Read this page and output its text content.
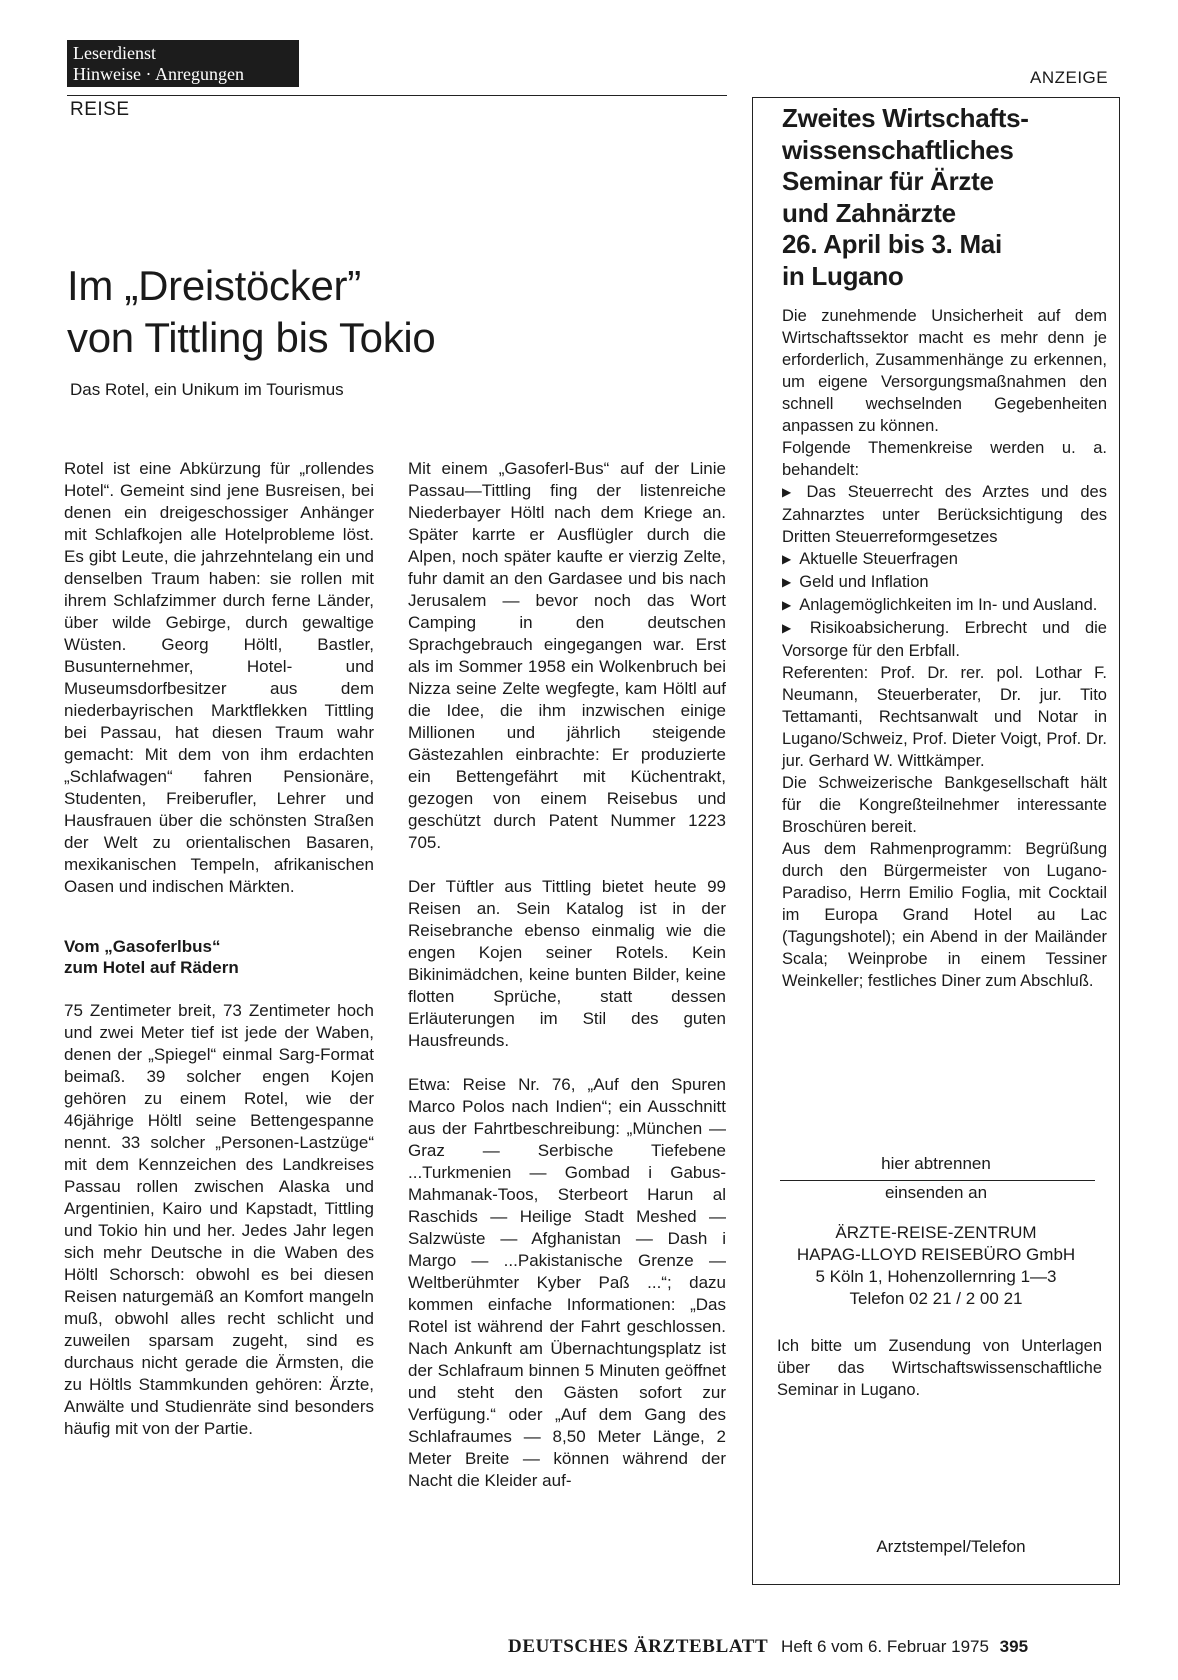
Leserdienst
Hinweise · Anregungen
REISE
ANZEIGE
Im „Dreistöcker”
von Tittling bis Tokio
Das Rotel, ein Unikum im Tourismus

Rotel ist eine Abkürzung für „rollendes Hotel“. Gemeint sind jene Busreisen, bei denen ein dreigeschossiger Anhänger mit Schlafkojen alle Hotelprobleme löst. Es gibt Leute, die jahrzehntelang ein und denselben Traum haben: sie rollen mit ihrem Schlafzimmer durch ferne Länder, über wilde Gebirge, durch gewaltige Wüsten. Georg Höltl, Bastler, Busunternehmer, Hotel- und Museumsdorfbesitzer aus dem niederbayrischen Marktflekken Tittling bei Passau, hat diesen Traum wahr gemacht: Mit dem von ihm erdachten „Schlafwagen“ fahren Pensionäre, Studenten, Freiberufler, Lehrer und Hausfrauen über die schönsten Straßen der Welt zu orientalischen Basaren, mexikanischen Tempeln, afrikanischen Oasen und indischen Märkten.

Vom „Gasoferlbus“
zum Hotel auf Rädern

75 Zentimeter breit, 73 Zentimeter hoch und zwei Meter tief ist jede der Waben, denen der „Spiegel“ einmal Sarg-Format beimaß. 39 solcher engen Kojen gehören zu einem Rotel, wie der 46jährige Höltl seine Bettengespanne nennt. 33 solcher „Personen-Lastzüge“ mit dem Kennzeichen des Landkreises Passau rollen zwischen Alaska und Argentinien, Kairo und Kapstadt, Tittling und Tokio hin und her. Jedes Jahr legen sich mehr Deutsche in die Waben des Höltl Schorsch: obwohl es bei diesen Reisen naturgemäß an Komfort mangeln muß, obwohl alles recht schlicht und zuweilen sparsam zugeht, sind es durchaus nicht gerade die Ärmsten, die zu Höltls Stammkunden gehören: Ärzte, Anwälte und Studienräte sind besonders häufig mit von der Partie.

Mit einem „Gasoferl-Bus“ auf der Linie Passau—Tittling fing der listenreiche Niederbayer Höltl nach dem Kriege an. Später karrte er Ausflügler durch die Alpen, noch später kaufte er vierzig Zelte, fuhr damit an den Gardasee und bis nach Jerusalem — bevor noch das Wort Camping in den deutschen Sprachgebrauch eingegangen war. Erst als im Sommer 1958 ein Wolkenbruch bei Nizza seine Zelte wegfegte, kam Höltl auf die Idee, die ihm inzwischen einige Millionen und jährlich steigende Gästezahlen einbrachte: Er produzierte ein Bettengefährt mit Küchentrakt, gezogen von einem Reisebus und geschützt durch Patent Nummer 1223 705.

Der Tüftler aus Tittling bietet heute 99 Reisen an. Sein Katalog ist in der Reisebranche ebenso einmalig wie die engen Kojen seiner Rotels. Kein Bikinimädchen, keine bunten Bilder, keine flotten Sprüche, statt dessen Erläuterungen im Stil des guten Hausfreunds.

Etwa: Reise Nr. 76, „Auf den Spuren Marco Polos nach Indien“; ein Ausschnitt aus der Fahrtbeschreibung: „München — Graz — Serbische Tiefebene ...Turkmenien — Gombad i Gabus-Mahmanak-Toos, Sterbeort Harun al Raschids — Heilige Stadt Meshed — Salzwüste — Afghanistan — Dash i Margo — ...Pakistanische Grenze — Weltberühmter Kyber Paß ...“; dazu kommen einfache Informationen: „Das Rotel ist während der Fahrt geschlossen. Nach Ankunft am Übernachtungsplatz ist der Schlafraum binnen 5 Minuten geöffnet und steht den Gästen sofort zur Verfügung.“ oder „Auf dem Gang des Schlafraumes — 8,50 Meter Länge, 2 Meter Breite — können während der Nacht die Kleider auf-

Zweites Wirtschafts-
wissenschaftliches
Seminar für Ärzte
und Zahnärzte
26. April bis 3. Mai
in Lugano

Die zunehmende Unsicherheit auf dem Wirtschaftssektor macht es mehr denn je erforderlich, Zusammenhänge zu erkennen, um eigene Versorgungsmaßnahmen den schnell wechselnden Gegebenheiten anpassen zu können.

Folgende Themenkreise werden u. a. behandelt:

▶ Das Steuerrecht des Arztes und des Zahnarztes unter Berücksichtigung des Dritten Steuerreformgesetzes

▶ Aktuelle Steuerfragen

▶ Geld und Inflation

▶ Anlagemöglichkeiten im In- und Ausland.

▶ Risikoabsicherung. Erbrecht und die Vorsorge für den Erbfall.

Referenten: Prof. Dr. rer. pol. Lothar F. Neumann, Steuerberater, Dr. jur. Tito Tettamanti, Rechtsanwalt und Notar in Lugano/Schweiz, Prof. Dieter Voigt, Prof. Dr. jur. Gerhard W. Wittkämper.

Die Schweizerische Bankgesellschaft hält für die Kongreßteilnehmer interessante Broschüren bereit.

Aus dem Rahmenprogramm: Begrüßung durch den Bürgermeister von Lugano-Paradiso, Herrn Emilio Foglia, mit Cocktail im Europa Grand Hotel au Lac (Tagungshotel); ein Abend in der Mailänder Scala; Weinprobe in einem Tessiner Weinkeller; festliches Diner zum Abschluß.

hier abtrennen
einsenden an
ÄRZTE-REISE-ZENTRUM
HAPAG-LLOYD REISEBÜRO GmbH
5 Köln 1, Hohenzollernring 1—3
Telefon 02 21 / 2 00 21
Ich bitte um Zusendung von Unterlagen über das Wirtschaftswissenschaftliche Seminar in Lugano.
Arztstempel/Telefon
DEUTSCHES ÄRZTEBLATT Heft 6 vom 6. Februar 1975 395
